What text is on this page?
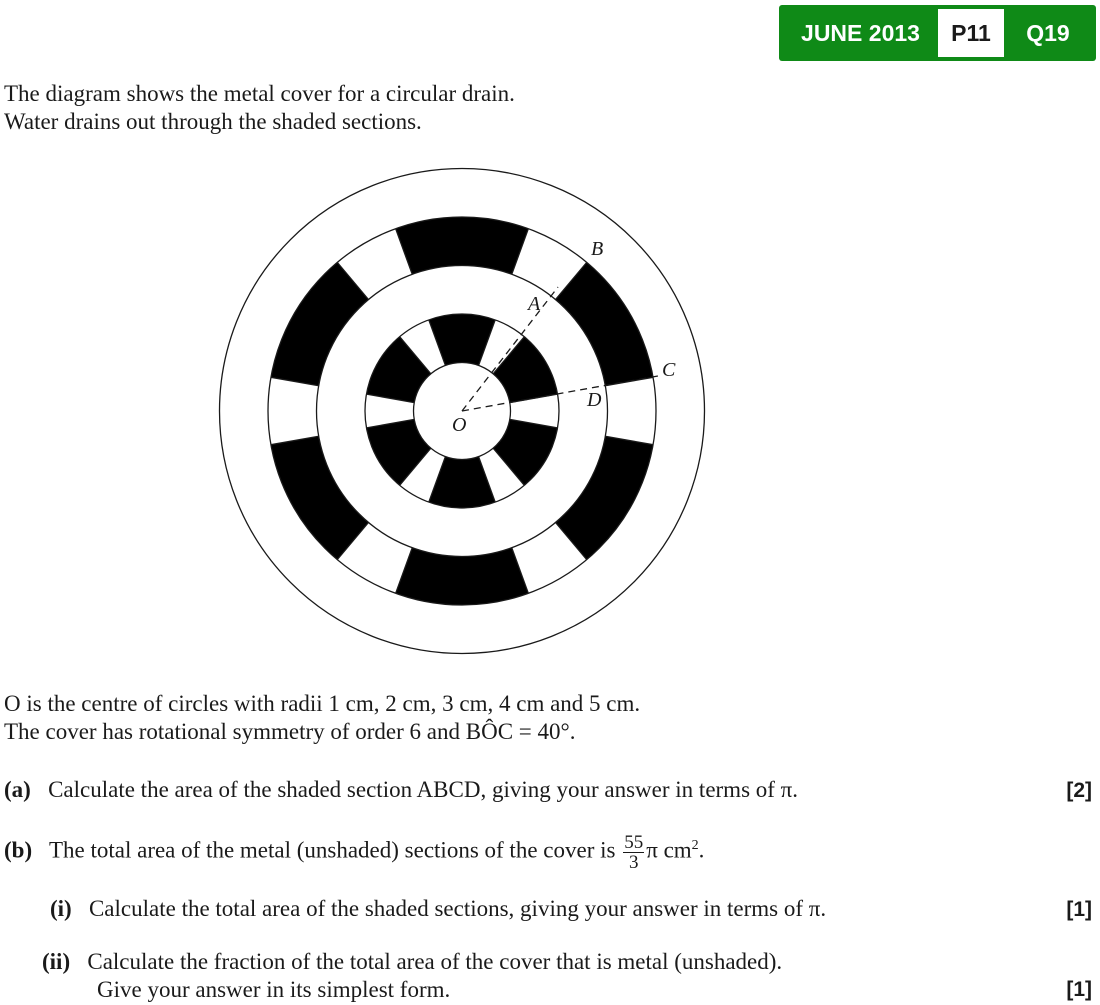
JUNE 2013	P11	Q19
The diagram shows the metal cover for a circular drain.
Water drains out through the shaded sections.
B
A
C
D
O
O is the centre of circles with radii 1 cm, 2 cm, 3 cm, 4 cm and 5 cm.
The cover has rotational symmetry of order 6 and BÔC = 40°.
(a) Calculate the area of the shaded section ABCD, giving your answer in terms of π.	[2]
(b) The total area of the metal (unshaded) sections of the cover is $\frac{55}{3}$ π $cm^2$.
(i) Calculate the total area of the shaded sections, giving your answer in terms of π.	[1]
(ii) Calculate the fraction of the total area of the cover that is metal (unshaded).
Give your answer in its simplest form.	[1]
